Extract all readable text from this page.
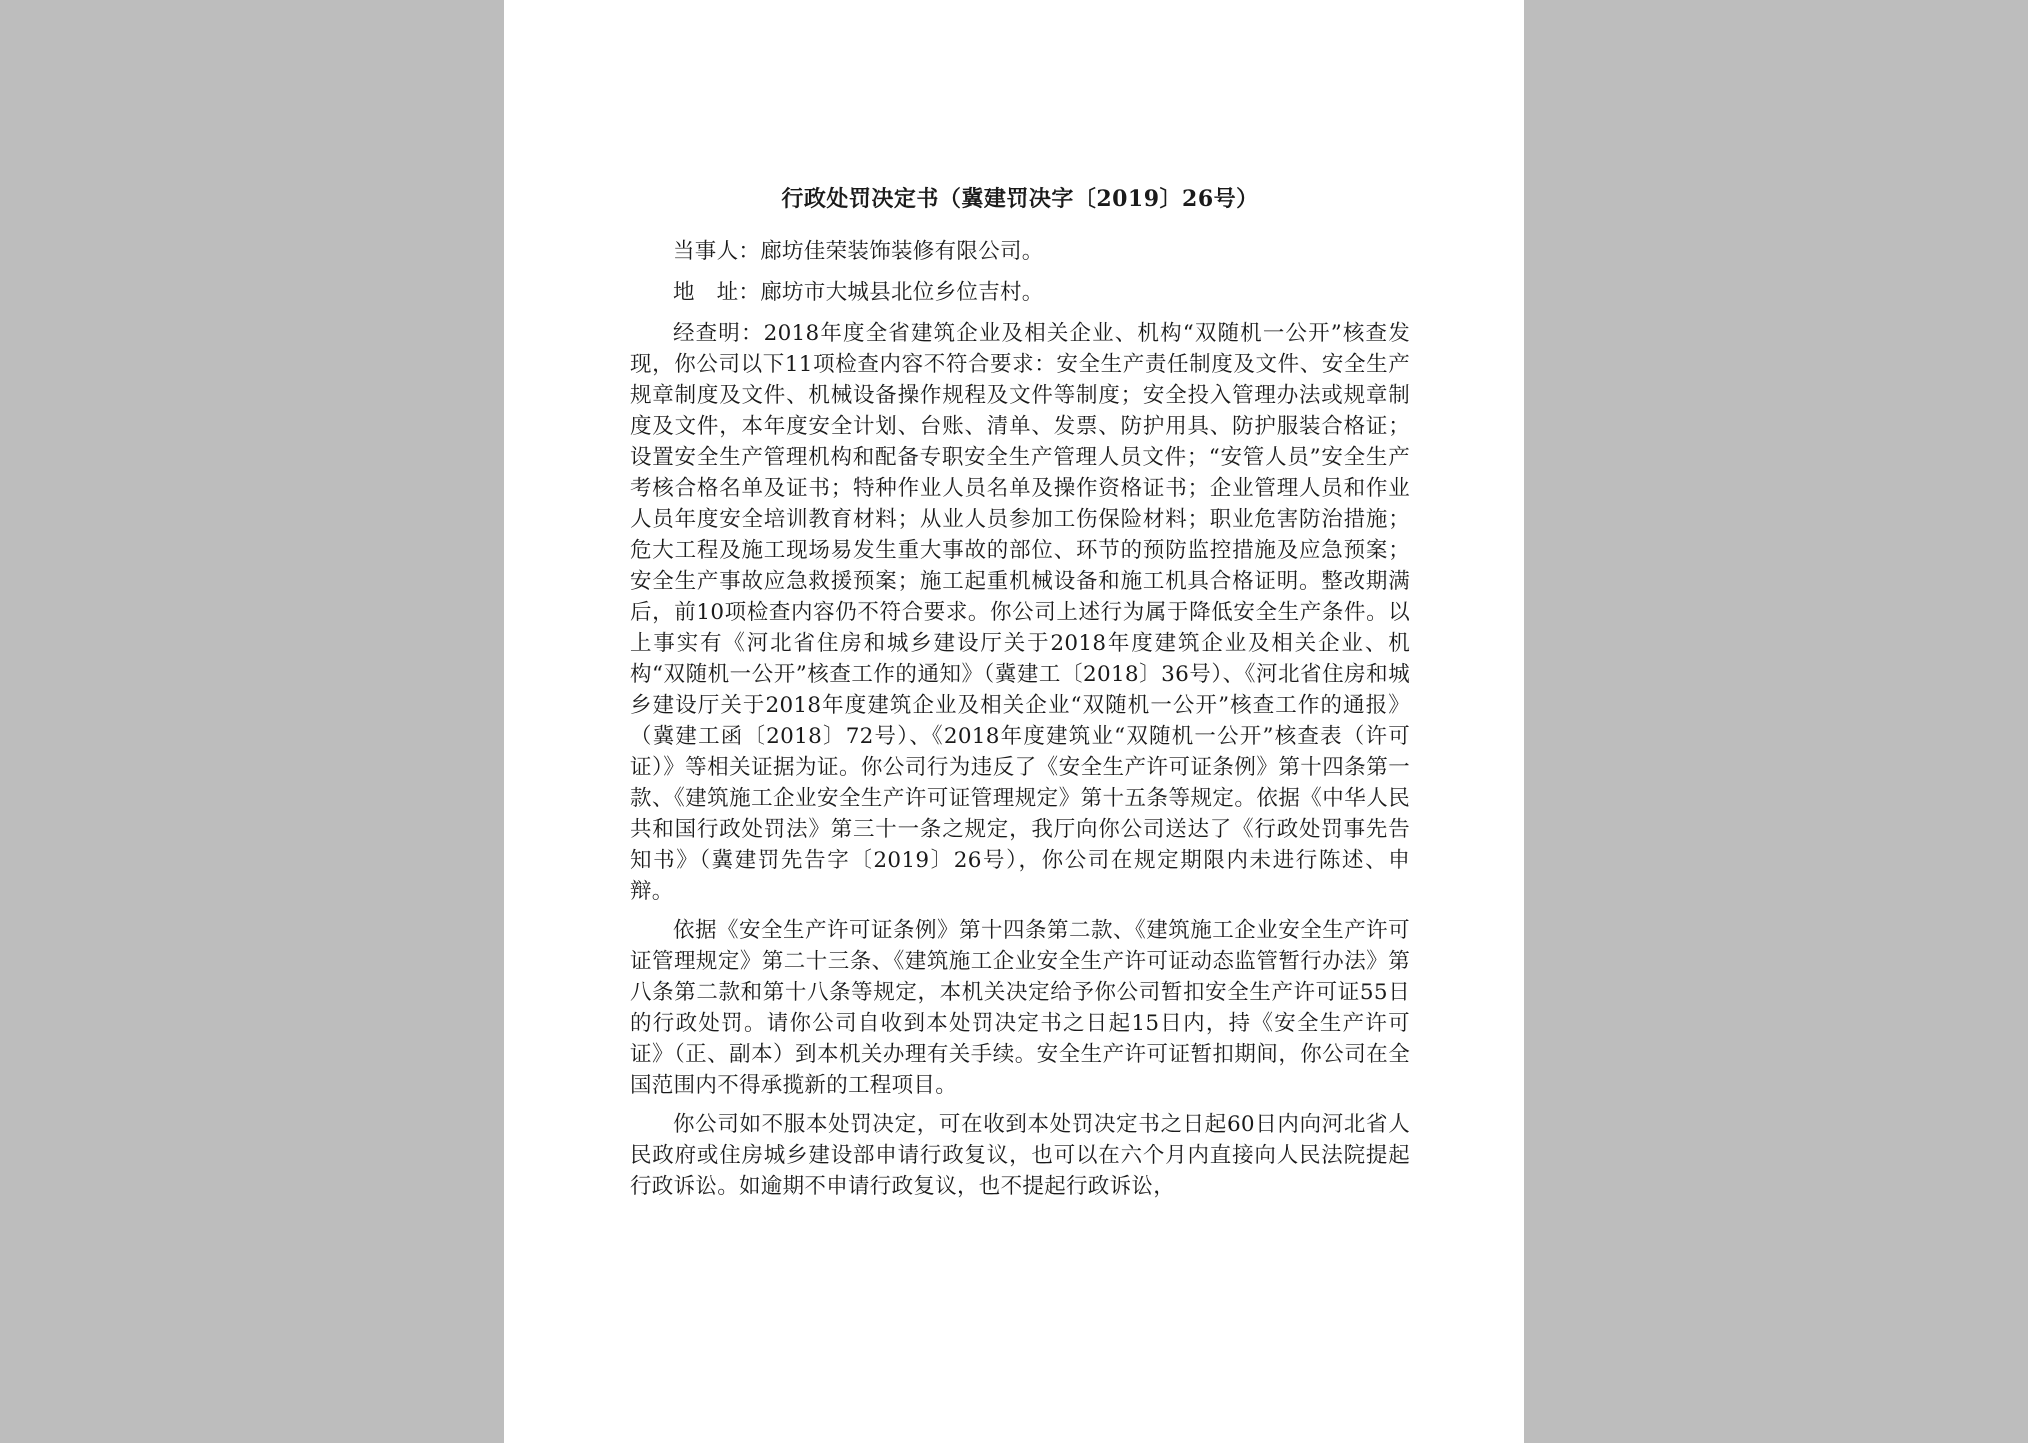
行政处罚决定书（冀建罚决字〔2019〕26号）
当事人：廊坊佳荣装饰装修有限公司。
地　址：廊坊市大城县北位乡位吉村。

经查明：2018年度全省建筑企业及相关企业、机构“双随机一公开”核查发现，你公司以下11项检查内容不符合要求：安全生产责任制度及文件、安全生产规章制度及文件、机械设备操作规程及文件等制度；安全投入管理办法或规章制度及文件，本年度安全计划、台账、清单、发票、防护用具、防护服装合格证；设置安全生产管理机构和配备专职安全生产管理人员文件；“安管人员”安全生产考核合格名单及证书；特种作业人员名单及操作资格证书；企业管理人员和作业人员年度安全培训教育材料；从业人员参加工伤保险材料；职业危害防治措施；危大工程及施工现场易发生重大事故的部位、环节的预防监控措施及应急预案；安全生产事故应急救援预案；施工起重机械设备和施工机具合格证明。整改期满后，前10项检查内容仍不符合要求。你公司上述行为属于降低安全生产条件。以上事实有《河北省住房和城乡建设厅关于2018年度建筑企业及相关企业、机构“双随机一公开”核查工作的通知》（冀建工〔2018〕36号）、《河北省住房和城乡建设厅关于2018年度建筑企业及相关企业“双随机一公开”核查工作的通报》（冀建工函〔2018〕72号）、《2018年度建筑业“双随机一公开”核查表（许可证）》等相关证据为证。你公司行为违反了《安全生产许可证条例》第十四条第一款、《建筑施工企业安全生产许可证管理规定》第十五条等规定。依据《中华人民共和国行政处罚法》第三十一条之规定，我厅向你公司送达了《行政处罚事先告知书》（冀建罚先告字〔2019〕26号），你公司在规定期限内未进行陈述、申辩。

依据《安全生产许可证条例》第十四条第二款、《建筑施工企业安全生产许可证管理规定》第二十三条、《建筑施工企业安全生产许可证动态监管暂行办法》第八条第二款和第十八条等规定，本机关决定给予你公司暂扣安全生产许可证55日的行政处罚。请你公司自收到本处罚决定书之日起15日内，持《安全生产许可证》（正、副本）到本机关办理有关手续。安全生产许可证暂扣期间，你公司在全国范围内不得承揽新的工程项目。

你公司如不服本处罚决定，可在收到本处罚决定书之日起60日内向河北省人民政府或住房城乡建设部申请行政复议，也可以在六个月内直接向人民法院提起行政诉讼。如逾期不申请行政复议，也不提起行政诉讼，
